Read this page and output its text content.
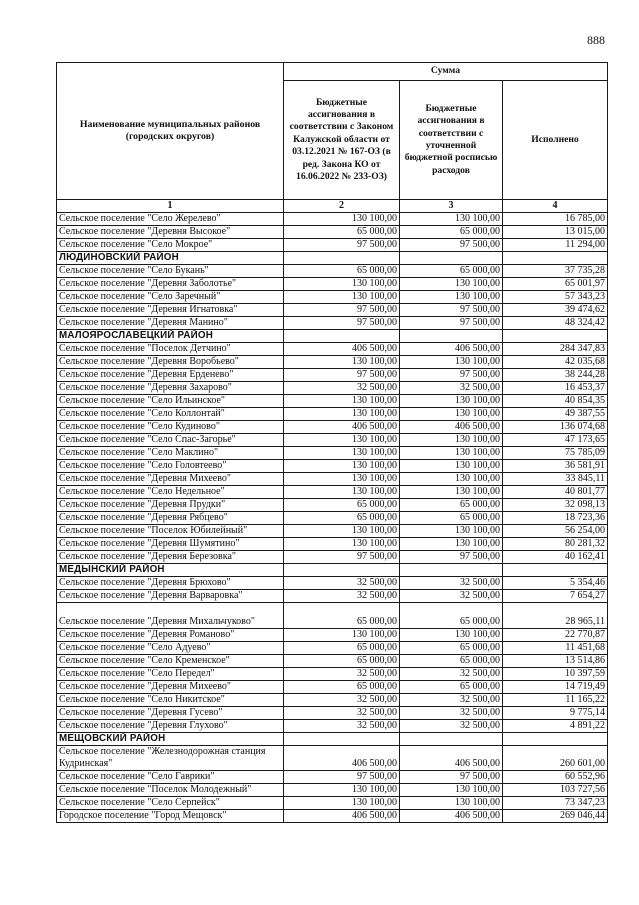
888
Наименование муниципальных районов (городских округов)	Сумма		
	Бюджетные ассигнования в соответствии с Законом Калужской области от 03.12.2021 № 167-ОЗ (в ред. Закона КО от 16.06.2022 № 233-ОЗ)	Бюджетные ассигнования в соответствии с уточненной бюджетной росписью расходов	Исполнено
1	2	3	4
Сельское поселение "Село Жерелево"	130 100,00	130 100,00	16 785,00
Сельское поселение "Деревня Высокое"	65 000,00	65 000,00	13 015,00
Сельское поселение "Село Мокрое"	97 500,00	97 500,00	11 294,00
ЛЮДИНОВСКИЙ РАЙОН			
Сельское поселение "Село Букань"	65 000,00	65 000,00	37 735,28
Сельское поселение "Деревня Заболотье"	130 100,00	130 100,00	65 001,97
Сельское поселение "Село Заречный"	130 100,00	130 100,00	57 343,23
Сельское поселение "Деревня Игнатовка"	97 500,00	97 500,00	39 474,62
Сельское поселение "Деревня Манино"	97 500,00	97 500,00	48 324,42
МАЛОЯРОСЛАВЕЦКИЙ РАЙОН			
Сельское поселение "Поселок Детчино"	406 500,00	406 500,00	284 347,83
Сельское поселение "Деревня Воробьево"	130 100,00	130 100,00	42 035,68
Сельское поселение "Деревня Ерденево"	97 500,00	97 500,00	38 244,28
Сельское поселение "Деревня Захарово"	32 500,00	32 500,00	16 453,37
Сельское поселение "Село Ильинское"	130 100,00	130 100,00	40 854,35
Сельское поселение "Село Коллонтай"	130 100,00	130 100,00	49 387,55
Сельское поселение "Село Кудиново"	406 500,00	406 500,00	136 074,68
Сельское поселение "Село Спас-Загорье"	130 100,00	130 100,00	47 173,65
Сельское поселение "Село Маклино"	130 100,00	130 100,00	75 785,09
Сельское поселение "Село Головтеево"	130 100,00	130 100,00	36 581,91
Сельское поселение "Деревня Михеево"	130 100,00	130 100,00	33 845,11
Сельское поселение "Село Недельное"	130 100,00	130 100,00	40 801,77
Сельское поселение "Деревня Прудки"	65 000,00	65 000,00	32 098,13
Сельское поселение "Деревня Рябцево"	65 000,00	65 000,00	18 723,36
Сельское поселение "Поселок Юбилейный"	130 100,00	130 100,00	56 254,00
Сельское поселение "Деревня Шумятино"	130 100,00	130 100,00	80 281,32
Сельское поселение "Деревня Березовка"	97 500,00	97 500,00	40 162,41
МЕДЫНСКИЙ РАЙОН			
Сельское поселение "Деревня Брюхово"	32 500,00	32 500,00	5 354,46
Сельское поселение "Деревня Варваровка"	32 500,00	32 500,00	7 654,27
Сельское поселение "Деревня Михальчуково"	65 000,00	65 000,00	28 965,11
Сельское поселение "Деревня Романово"	130 100,00	130 100,00	22 770,87
Сельское поселение "Село Адуево"	65 000,00	65 000,00	11 451,68
Сельское поселение "Село Кременское"	65 000,00	65 000,00	13 514,86
Сельское поселение "Село Передел"	32 500,00	32 500,00	10 397,59
Сельское поселение "Деревня Михеево"	65 000,00	65 000,00	14 719,49
Сельское поселение "Село Никитское"	32 500,00	32 500,00	11 165,22
Сельское поселение "Деревня Гусево"	32 500,00	32 500,00	9 775,14
Сельское поселение "Деревня Глухово"	32 500,00	32 500,00	4 891,22
МЕЩОВСКИЙ РАЙОН			
Сельское поселение "Железнодорожная станция Кудринская"	406 500,00	406 500,00	260 601,00
Сельское поселение "Село Гаврики"	97 500,00	97 500,00	60 552,96
Сельское поселение "Поселок Молодежный"	130 100,00	130 100,00	103 727,56
Сельское поселение "Село Серпейск"	130 100,00	130 100,00	73 347,23
Городское поселение "Город Мещовск"	406 500,00	406 500,00	269 046,44
